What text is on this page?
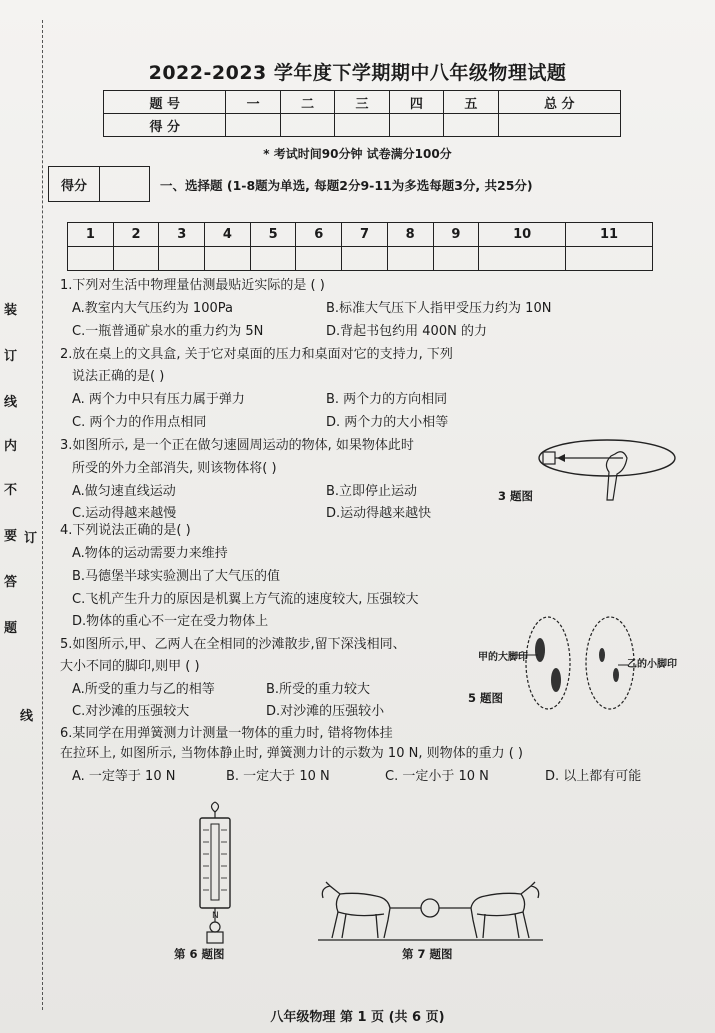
装
订
线
内
不
要 订
答
题
线
2022-2023 学年度下学期期中八年级物理试题
题 号	一	二	三	四	五	总 分
得 分						
* 考试时间90分钟 试卷满分100分
得分	一、选择题 (1-8题为单选, 每题2分9-11为多选每题3分, 共25分)
1	2	3	4	5	6	7	8	9	10	11

1.下列对生活中物理量估测最贴近实际的是 ( )
A.教室内大气压约为 100Pa	B.标准大气压下人指甲受压力约为 10N
C.一瓶普通矿泉水的重力约为 5N	D.背起书包约用 400N 的力
2.放在桌上的文具盒, 关于它对桌面的压力和桌面对它的支持力, 下列
说法正确的是( )
A. 两个力中只有压力属于弹力	B. 两个力的方向相同
C. 两个力的作用点相同	D. 两个力的大小相等
3.如图所示, 是一个正在做匀速圆周运动的物体, 如果物体此时
所受的外力全部消失, 则该物体将( )
A.做匀速直线运动	B.立即停止运动
C.运动得越来越慢	D.运动得越来越快
3 题图
4.下列说法正确的是( )
A.物体的运动需要力来维持
B.马德堡半球实验测出了大气压的值
C.飞机产生升力的原因是机翼上方气流的速度较大, 压强较大
D.物体的重心不一定在受力物体上
5.如图所示,甲、乙两人在全相同的沙滩散步,留下深浅相同、
大小不同的脚印,则甲 ( )
A.所受的重力与乙的相等	B.所受的重力较大
C.对沙滩的压强较大	D.对沙滩的压强较小
甲的大脚印
乙的小脚印
5 题图
6.某同学在用弹簧测力计测量一物体的重力时, 错将物体挂
在拉环上, 如图所示, 当物体静止时, 弹簧测力计的示数为 10 N, 则物体的重力 ( )
A. 一定等于 10 N	B. 一定大于 10 N	C. 一定小于 10 N	D. 以上都有可能
N
第 6 题图	第 7 题图
八年级物理 第 1 页 (共 6 页)
